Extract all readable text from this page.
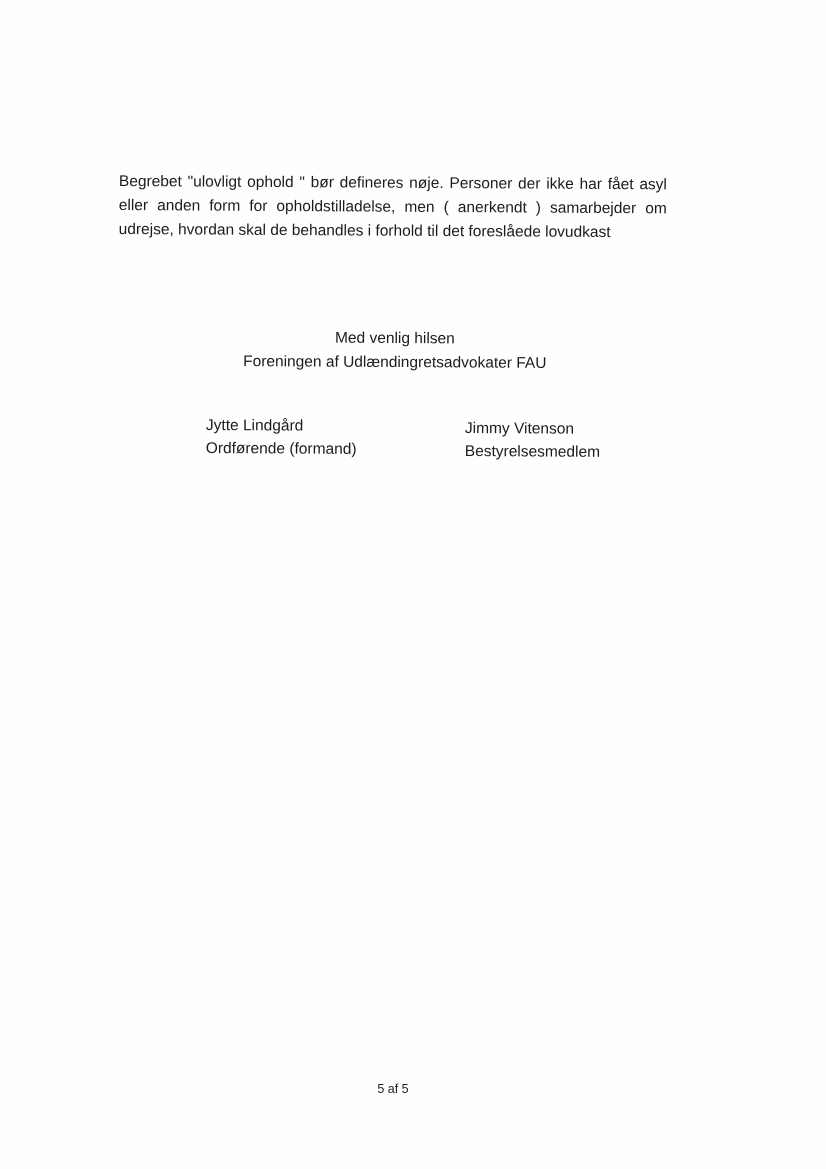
Begrebet "ulovligt ophold " bør defineres nøje. Personer der ikke har fået asyl eller anden form for opholdstilladelse, men ( anerkendt ) samarbejder om udrejse, hvordan skal de behandles i forhold til det foreslåede lovudkast

Med venlig hilsen
Foreningen af Udlændingretsadvokater FAU
Jytte Lindgård
Ordførende (formand)
Jimmy Vitenson
Bestyrelsesmedlem
5 af 5
